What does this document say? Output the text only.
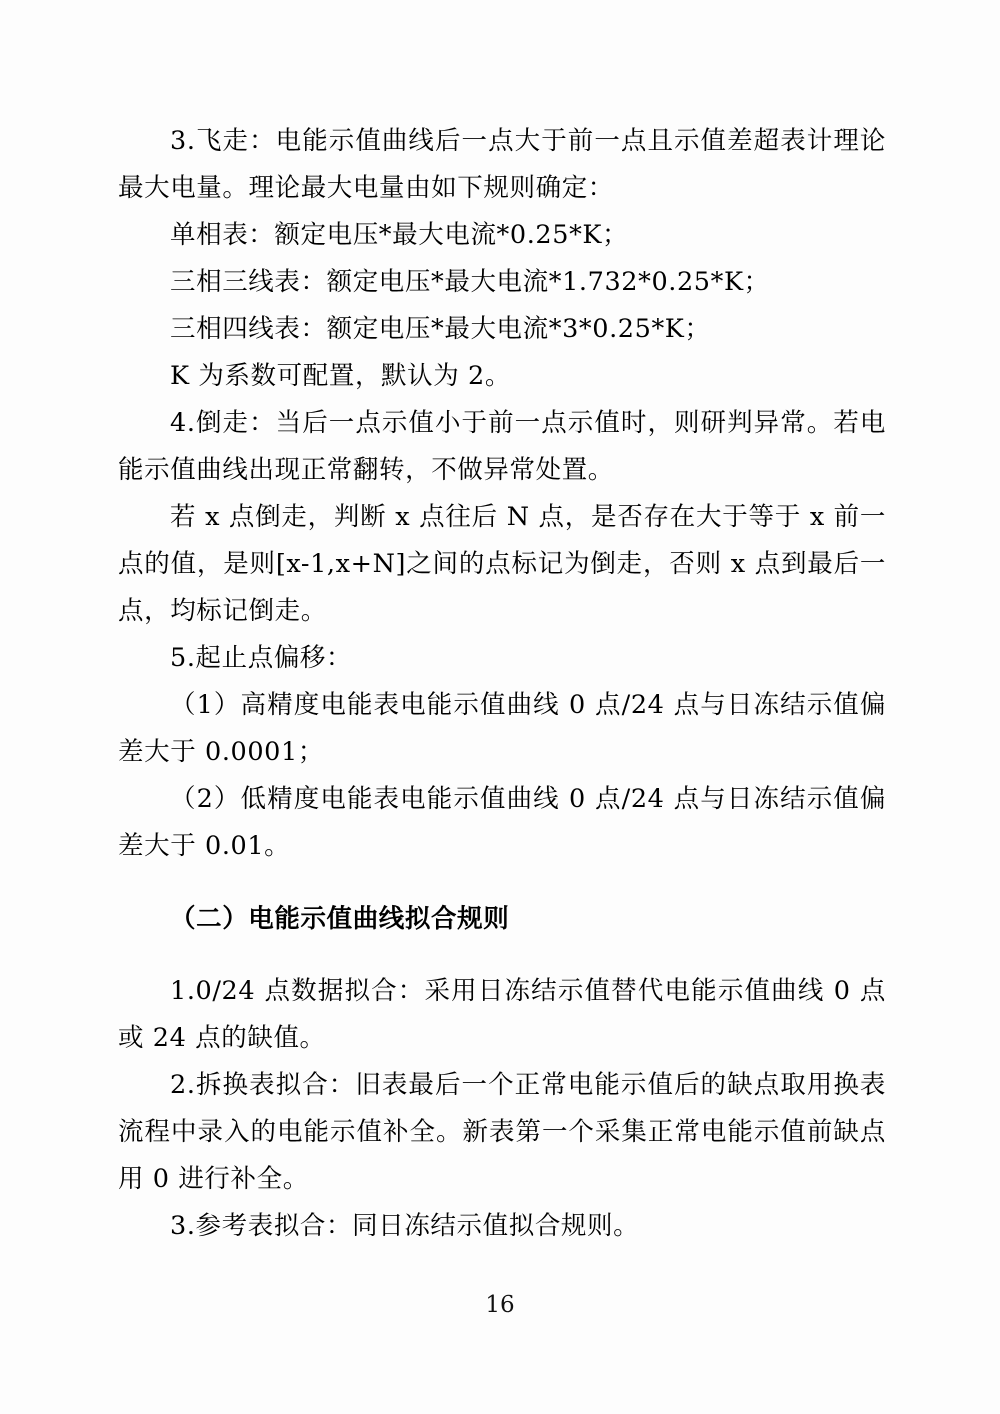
3.飞走：电能示值曲线后一点大于前一点且示值差超表计理论最大电量。理论最大电量由如下规则确定：

单相表：额定电压*最大电流*0.25*K；

三相三线表：额定电压*最大电流*1.732*0.25*K；

三相四线表：额定电压*最大电流*3*0.25*K；

K 为系数可配置，默认为 2。

4.倒走：当后一点示值小于前一点示值时，则研判异常。若电能示值曲线出现正常翻转，不做异常处置。

若 x 点倒走，判断 x 点往后 N 点，是否存在大于等于 x 前一点的值，是则[x-1,x+N]之间的点标记为倒走，否则 x 点到最后一点，均标记倒走。

5.起止点偏移：

（1）高精度电能表电能示值曲线 0 点/24 点与日冻结示值偏差大于 0.0001；

（2）低精度电能表电能示值曲线 0 点/24 点与日冻结示值偏差大于 0.01。

（二）电能示值曲线拟合规则

1.0/24 点数据拟合：采用日冻结示值替代电能示值曲线 0 点或 24 点的缺值。

2.拆换表拟合：旧表最后一个正常电能示值后的缺点取用换表流程中录入的电能示值补全。新表第一个采集正常电能示值前缺点用 0 进行补全。

3.参考表拟合：同日冻结示值拟合规则。

16
